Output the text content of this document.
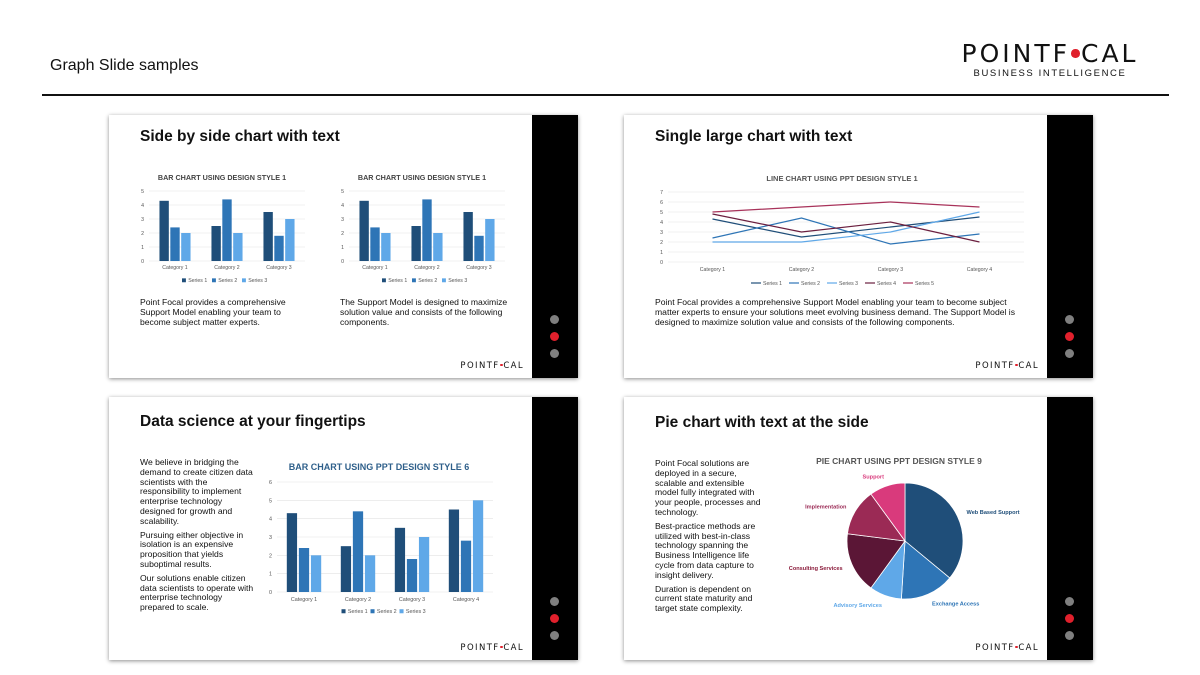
Graph Slide samples	POINTF CAL
BUSINESS INTELLIGENCE
Side by side chart with text
BAR CHART USING DESIGN STYLE 1
0
1
2
3
4
5
Category 1	Category 2	Category 3
Series 1 Series 2 Series 3
BAR CHART USING DESIGN STYLE 1
0
1
2
3
4
5
Category 1	Category 2	Category 3
Series 1 Series 2 Series 3
Point Focal provides a comprehensive Support Model enabling your team to become subject matter experts.
The Support Model is designed to maximize solution value and consists of the following components.
POINTF CAL
Single large chart with text
LINE CHART USING PPT DESIGN STYLE 1
0
1
2
3
4
5
6
7
Category 1	Category 2	Category 3	Category 4
Series 1	Series 2	Series 3	Series 4	Series 5
Point Focal provides a comprehensive Support Model enabling your team to become subject matter experts to ensure your solutions meet evolving business demand. The Support Model is designed to maximize solution value and consists of the following components.
POINTF CAL
Data science at your fingertips

We believe in bridging the demand to create citizen data scientists with the responsibility to implement enterprise technology designed for growth and scalability.

Pursuing either objective in isolation is an expensive proposition that yields suboptimal results.

Our solutions enable citizen data scientists to operate with enterprise technology prepared to scale.

BAR CHART USING PPT DESIGN STYLE 6
0
1
2
3
4
5
6
Category 1	Category 2	Category 3	Category 4
Series 1 Series 2 Series 3
POINTF CAL
Pie chart with text at the side

Point Focal solutions are deployed in a secure, scalable and extensible model fully integrated with your people, processes and technology.

Best-practice methods are utilized with best-in-class technology spanning the Business Intelligence life cycle from data capture to insight delivery.

Duration is dependent on current state maturity and target state complexity.

PIE CHART USING PPT DESIGN STYLE 9
Web Based Support
Exchange Access
Advisory Services
Consulting Services
Implementation
Support
POINTF CAL
